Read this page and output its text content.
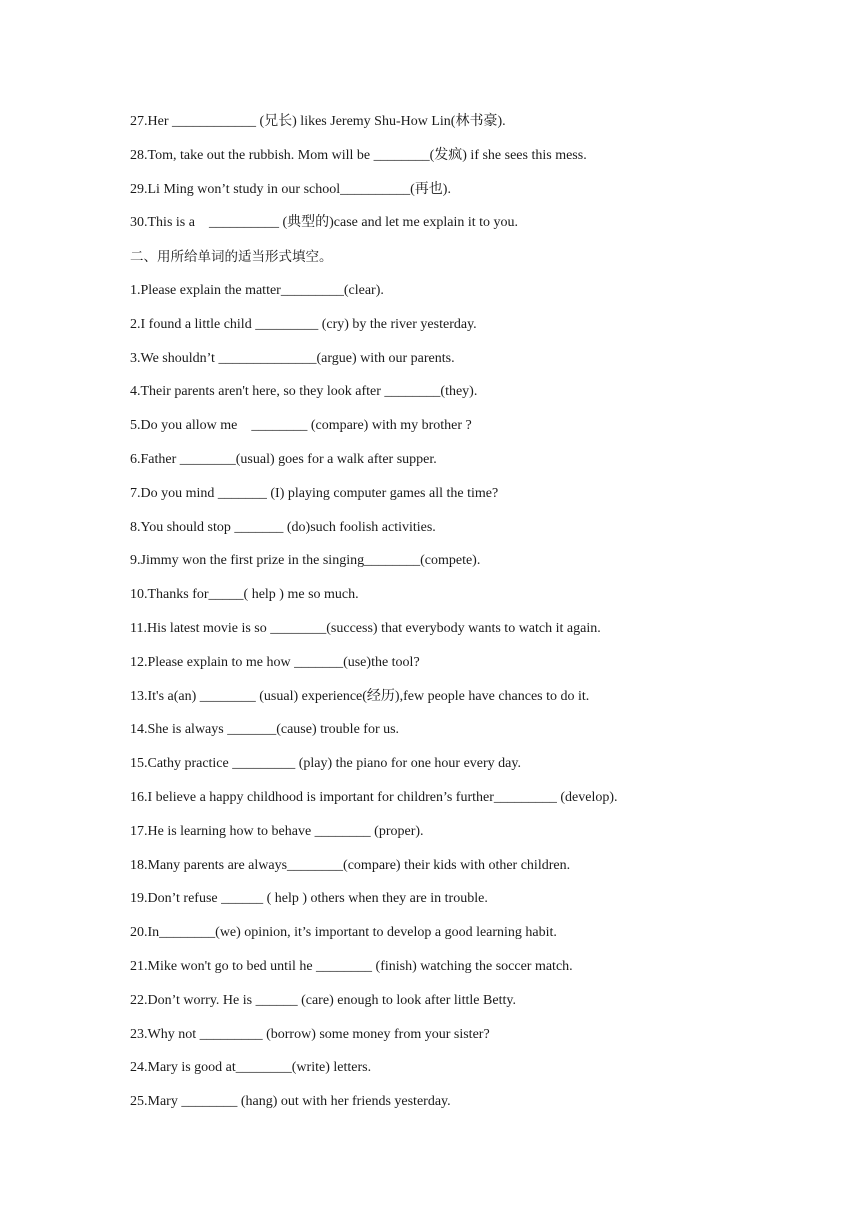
27.Her ____________ (兄长) likes Jeremy Shu-How Lin(林书豪).
28.Tom, take out the rubbish. Mom will be ________(发疯) if she sees this mess.
29.Li Ming won’t study in our school__________(再也).
30.This is a    __________ (典型的)case and let me explain it to you.
二、用所给单词的适当形式填空。
1.Please explain the matter_________(clear).
2.I found a little child _________ (cry) by the river yesterday.
3.We shouldn’t ______________(argue) with our parents.
4.Their parents aren't here, so they look after ________(they).
5.Do you allow me    ________ (compare) with my brother ?
6.Father ________(usual) goes for a walk after supper.
7.Do you mind _______ (I) playing computer games all the time?
8.You should stop _______ (do)such foolish activities.
9.Jimmy won the first prize in the singing________(compete).
10.Thanks for_____( help ) me so much.
11.His latest movie is so ________(success) that everybody wants to watch it again.
12.Please explain to me how _______(use)the tool?
13.It's a(an) ________ (usual) experience(经历),few people have chances to do it.
14.She is always _______(cause) trouble for us.
15.Cathy practice _________ (play) the piano for one hour every day.
16.I believe a happy childhood is important for children’s further_________ (develop).
17.He is learning how to behave ________ (proper).
18.Many parents are always________(compare) their kids with other children.
19.Don’t refuse ______ ( help ) others when they are in trouble.
20.In________(we) opinion, it’s important to develop a good learning habit.
21.Mike won't go to bed until he ________ (finish) watching the soccer match.
22.Don’t worry. He is ______ (care) enough to look after little Betty.
23.Why not _________ (borrow) some money from your sister?
24.Mary is good at________(write) letters.
25.Mary ________ (hang) out with her friends yesterday.
